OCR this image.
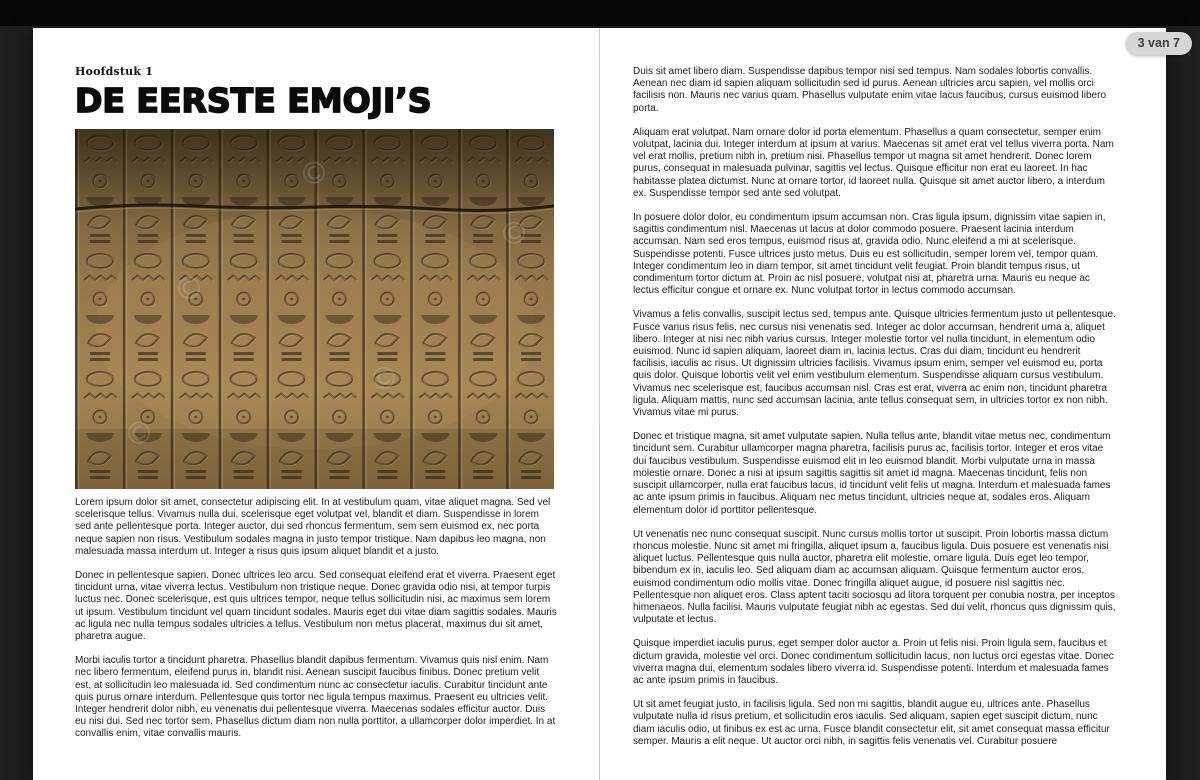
Hoofdstuk 1
DE EERSTE EMOJI’S
©
©
©
©
©

Lorem ipsum dolor sit amet, consectetur adipiscing elit. In at vestibulum quam, vitae aliquet magna. Sed vel scelerisque tellus. Vivamus nulla dui, scelerisque eget volutpat vel, blandit et diam. Suspendisse in lorem sed ante pellentesque porta. Integer auctor, dui sed rhoncus fermentum, sem sem euismod ex, nec porta neque sapien non risus. Vestibulum sodales magna in justo tempor tristique. Nam dapibus leo magna, non malesuada massa interdum ut. Integer a risus quis ipsum aliquet blandit et a justo.

Donec in pellentesque sapien. Donec ultrices leo arcu. Sed consequat eleifend erat et viverra. Praesent eget tincidunt urna, vitae viverra lectus. Vestibulum non tristique neque. Donec gravida odio nisi, at tempor turpis luctus nec. Donec scelerisque, est quis ultrices tempor, neque tellus sollicitudin nisi, ac maximus sem lorem ut ipsum. Vestibulum tincidunt vel quam tincidunt sodales. Mauris eget dui vitae diam sagittis sodales. Mauris ac ligula nec nulla tempus sodales ultricies a tellus. Vestibulum non metus placerat, maximus dui sit amet, pharetra augue.

Morbi iaculis tortor a tincidunt pharetra. Phasellus blandit dapibus fermentum. Vivamus quis nisl enim. Nam nec libero fermentum, eleifend purus in, blandit nisi. Aenean suscipit faucibus finibus. Donec pretium velit est, at sollicitudin leo malesuada id. Sed condimentum nunc ac consectetur iaculis. Curabitur tincidunt ante quis purus ornare interdum. Pellentesque quis tortor nec ligula tempus maximus. Praesent eu ultricies velit. Integer hendrerit dolor nibh, eu venenatis dui pellentesque viverra. Maecenas sodales efficitur auctor. Duis eu nisi dui. Sed nec tortor sem. Phasellus dictum diam non nulla porttitor, a ullamcorper dolor imperdiet. In at convallis enim, vitae convallis mauris.

Duis sit amet libero diam. Suspendisse dapibus tempor nisi sed tempus. Nam sodales lobortis convallis. Aenean nec diam id sapien aliquam sollicitudin sed id purus. Aenean ultricies arcu sapien, vel mollis orci facilisis non. Mauris nec varius quam. Phasellus vulputate enim vitae lacus faucibus, cursus euismod libero porta.

Aliquam erat volutpat. Nam ornare dolor id porta elementum. Phasellus a quam consectetur, semper enim volutpat, lacinia dui. Integer interdum at ipsum at varius. Maecenas sit amet erat vel tellus viverra porta. Nam vel erat mollis, pretium nibh in, pretium nisi. Phasellus tempor ut magna sit amet hendrerit. Donec lorem purus, consequat in malesuada pulvinar, sagittis vel lectus. Quisque efficitur non erat eu laoreet. In hac habitasse platea dictumst. Nunc at ornare tortor, id laoreet nulla. Quisque sit amet auctor libero, a interdum ex. Suspendisse tempor sed ante sed volutpat.

In posuere dolor dolor, eu condimentum ipsum accumsan non. Cras ligula ipsum, dignissim vitae sapien in, sagittis condimentum nisl. Maecenas ut lacus at dolor commodo posuere. Praesent lacinia interdum accumsan. Nam sed eros tempus, euismod risus at, gravida odio. Nunc eleifend a mi at scelerisque. Suspendisse potenti. Fusce ultrices justo metus. Duis eu est sollicitudin, semper lorem vel, tempor quam. Integer condimentum leo in diam tempor, sit amet tincidunt velit feugiat. Proin blandit tempus risus, ut condimentum tortor dictum at. Proin ac nisl posuere, volutpat nisi at, pharetra urna. Mauris eu neque ac lectus efficitur congue et ornare ex. Nunc volutpat tortor in lectus commodo accumsan.

Vivamus a felis convallis, suscipit lectus sed, tempus ante. Quisque ultricies fermentum justo ut pellentesque. Fusce varius risus felis, nec cursus nisi venenatis sed. Integer ac dolor accumsan, hendrerit urna a, aliquet libero. Integer at nisi nec nibh varius cursus. Integer molestie tortor vel nulla tincidunt, in elementum odio euismod. Nunc id sapien aliquam, laoreet diam in, lacinia lectus. Cras dui diam, tincidunt eu hendrerit facilisis, iaculis ac risus. Ut dignissim ultricies facilisis. Vivamus ipsum enim, semper vel euismod eu, porta quis dolor. Quisque lobortis velit vel enim vestibulum elementum. Suspendisse aliquam cursus vestibulum. Vivamus nec scelerisque est, faucibus accumsan nisl. Cras est erat, viverra ac enim non, tincidunt pharetra ligula. Aliquam mattis, nunc sed accumsan lacinia, ante tellus consequat sem, in ultricies tortor ex non nibh. Vivamus vitae mi purus.

Donec et tristique magna, sit amet vulputate sapien. Nulla tellus ante, blandit vitae metus nec, condimentum tincidunt sem. Curabitur ullamcorper magna pharetra, facilisis purus ac, facilisis tortor. Integer et eros vitae dui faucibus vestibulum. Suspendisse euismod elit in leo euismod blandit. Morbi vulputate urna in massa molestie ornare. Donec a nisi at ipsum sagittis sagittis sit amet id magna. Maecenas tincidunt, felis non suscipit ullamcorper, nulla erat faucibus lacus, id tincidunt velit felis ut magna. Interdum et malesuada fames ac ante ipsum primis in faucibus. Aliquam nec metus tincidunt, ultricies neque at, sodales eros. Aliquam elementum dolor id porttitor pellentesque.

Ut venenatis nec nunc consequat suscipit. Nunc cursus mollis tortor ut suscipit. Proin lobortis massa dictum rhoncus molestie. Nunc sit amet mi fringilla, aliquet ipsum a, faucibus ligula. Duis posuere est venenatis nisi aliquet luctus. Pellentesque quis nulla auctor, pharetra elit molestie, ornare ligula. Duis eget leo tempor, bibendum ex in, iaculis leo. Sed aliquam diam ac accumsan aliquam. Quisque fermentum auctor eros, euismod condimentum odio mollis vitae. Donec fringilla aliquet augue, id posuere nisl sagittis nec. Pellentesque non aliquet eros. Class aptent taciti sociosqu ad litora torquent per conubia nostra, per inceptos himenaeos. Nulla facilisi. Mauris vulputate feugiat nibh ac egestas. Sed dui velit, rhoncus quis dignissim quis, vulputate et lectus.

Quisque imperdiet iaculis purus, eget semper dolor auctor a. Proin ut felis nisi. Proin ligula sem, faucibus et dictum gravida, molestie vel orci. Donec condimentum sollicitudin lacus, non luctus orci egestas vitae. Donec viverra magna dui, elementum sodales libero viverra id. Suspendisse potenti. Interdum et malesuada fames ac ante ipsum primis in faucibus.

Ut sit amet feugiat justo, in facilisis ligula. Sed non mi sagittis, blandit augue eu, ultrices ante. Phasellus vulputate nulla id risus pretium, et sollicitudin eros iaculis. Sed aliquam, sapien eget suscipit dictum, nunc diam iaculis odio, ut finibus ex est ac urna. Fusce blandit consectetur elit, sit amet consequat massa efficitur semper. Mauris a elit neque. Ut auctor orci nibh, in sagittis felis venenatis vel. Curabitur posuere

3 van 7
